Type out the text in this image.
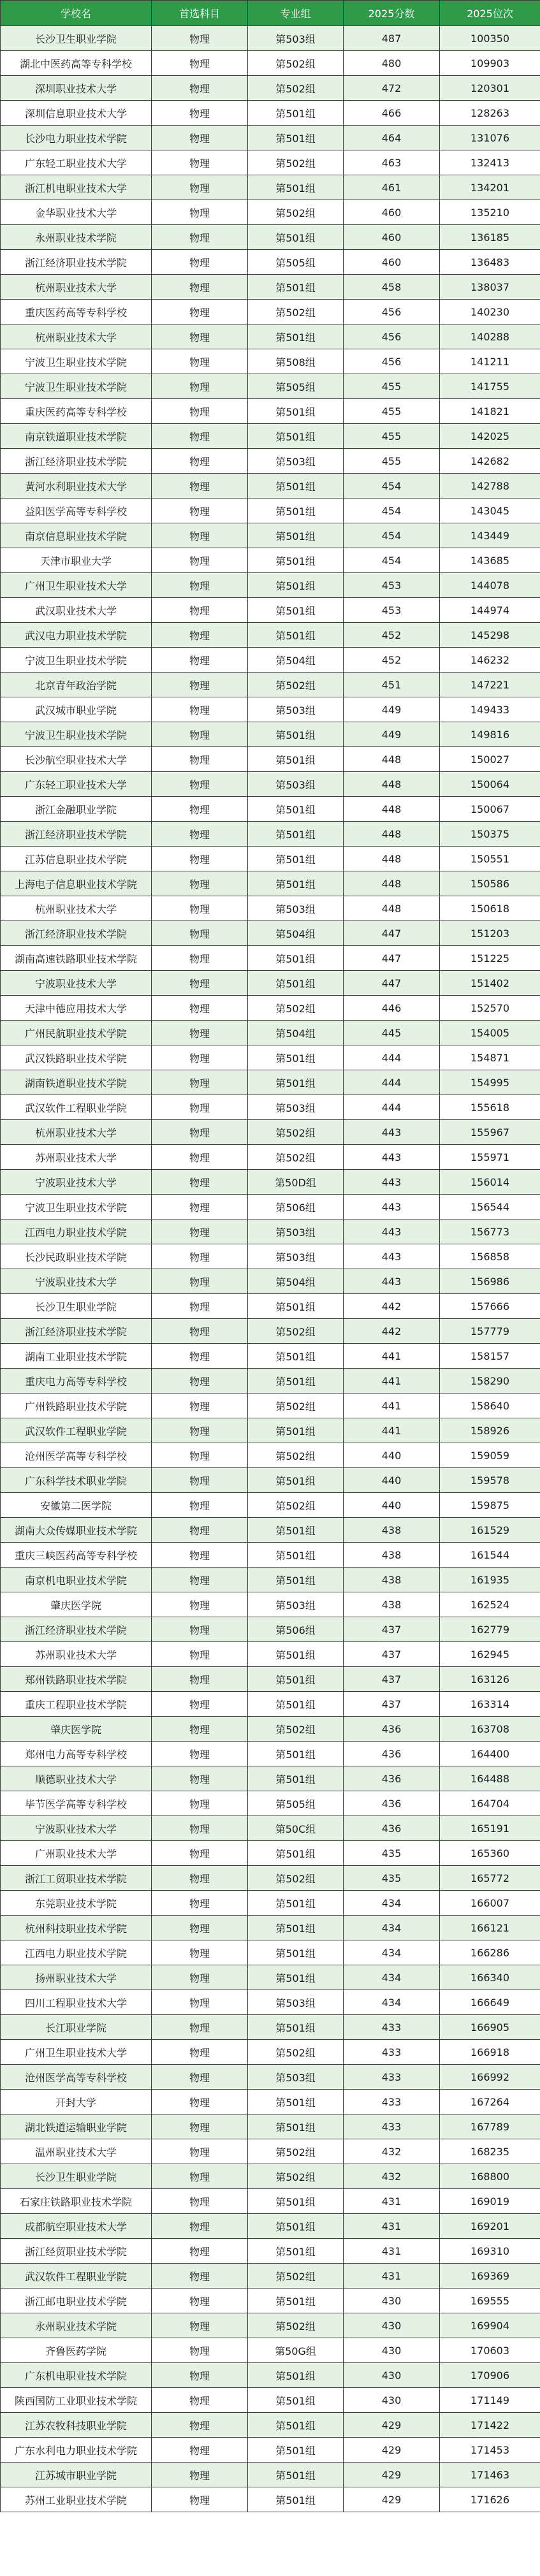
学校名	首选科目	专业组	2025分数	2025位次
长沙卫生职业学院	物理	第503组	487	100350
湖北中医药高等专科学校	物理	第502组	480	109903
深圳职业技术大学	物理	第502组	472	120301
深圳信息职业技术大学	物理	第501组	466	128263
长沙电力职业技术学院	物理	第501组	464	131076
广东轻工职业技术大学	物理	第502组	463	132413
浙江机电职业技术大学	物理	第501组	461	134201
金华职业技术大学	物理	第502组	460	135210
永州职业技术学院	物理	第501组	460	136185
浙江经济职业技术学院	物理	第505组	460	136483
杭州职业技术大学	物理	第501组	458	138037
重庆医药高等专科学校	物理	第502组	456	140230
杭州职业技术大学	物理	第501组	456	140288
宁波卫生职业技术学院	物理	第508组	456	141211
宁波卫生职业技术学院	物理	第505组	455	141755
重庆医药高等专科学校	物理	第501组	455	141821
南京铁道职业技术学院	物理	第501组	455	142025
浙江经济职业技术学院	物理	第503组	455	142682
黄河水利职业技术大学	物理	第501组	454	142788
益阳医学高等专科学校	物理	第501组	454	143045
南京信息职业技术学院	物理	第501组	454	143449
天津市职业大学	物理	第501组	454	143685
广州卫生职业技术大学	物理	第501组	453	144078
武汉职业技术大学	物理	第501组	453	144974
武汉电力职业技术学院	物理	第501组	452	145298
宁波卫生职业技术学院	物理	第504组	452	146232
北京青年政治学院	物理	第502组	451	147221
武汉城市职业学院	物理	第503组	449	149433
宁波卫生职业技术学院	物理	第501组	449	149816
长沙航空职业技术大学	物理	第501组	448	150027
广东轻工职业技术大学	物理	第503组	448	150064
浙江金融职业学院	物理	第501组	448	150067
浙江经济职业技术学院	物理	第501组	448	150375
江苏信息职业技术学院	物理	第501组	448	150551
上海电子信息职业技术学院	物理	第501组	448	150586
杭州职业技术大学	物理	第503组	448	150618
浙江经济职业技术学院	物理	第504组	447	151203
湖南高速铁路职业技术学院	物理	第501组	447	151225
宁波职业技术大学	物理	第501组	447	151402
天津中德应用技术大学	物理	第502组	446	152570
广州民航职业技术学院	物理	第504组	445	154005
武汉铁路职业技术学院	物理	第501组	444	154871
湖南铁道职业技术学院	物理	第501组	444	154995
武汉软件工程职业学院	物理	第503组	444	155618
杭州职业技术大学	物理	第502组	443	155967
苏州职业技术大学	物理	第502组	443	155971
宁波职业技术大学	物理	第50D组	443	156014
宁波卫生职业技术学院	物理	第506组	443	156544
江西电力职业技术学院	物理	第503组	443	156773
长沙民政职业技术学院	物理	第503组	443	156858
宁波职业技术大学	物理	第504组	443	156986
长沙卫生职业学院	物理	第501组	442	157666
浙江经济职业技术学院	物理	第502组	442	157779
湖南工业职业技术学院	物理	第501组	441	158157
重庆电力高等专科学校	物理	第501组	441	158290
广州铁路职业技术学院	物理	第502组	441	158640
武汉软件工程职业学院	物理	第501组	441	158926
沧州医学高等专科学校	物理	第502组	440	159059
广东科学技术职业学院	物理	第501组	440	159578
安徽第二医学院	物理	第502组	440	159875
湖南大众传媒职业技术学院	物理	第501组	438	161529
重庆三峡医药高等专科学校	物理	第501组	438	161544
南京机电职业技术学院	物理	第501组	438	161935
肇庆医学院	物理	第503组	438	162524
浙江经济职业技术学院	物理	第506组	437	162779
苏州职业技术大学	物理	第501组	437	162945
郑州铁路职业技术学院	物理	第501组	437	163126
重庆工程职业技术学院	物理	第501组	437	163314
肇庆医学院	物理	第502组	436	163708
郑州电力高等专科学校	物理	第501组	436	164400
顺德职业技术大学	物理	第501组	436	164488
毕节医学高等专科学校	物理	第505组	436	164704
宁波职业技术大学	物理	第50C组	436	165191
广州职业技术大学	物理	第501组	435	165360
浙江工贸职业技术学院	物理	第502组	435	165772
东莞职业技术学院	物理	第501组	434	166007
杭州科技职业技术学院	物理	第501组	434	166121
江西电力职业技术学院	物理	第501组	434	166286
扬州职业技术大学	物理	第501组	434	166340
四川工程职业技术大学	物理	第503组	434	166649
长江职业学院	物理	第501组	433	166905
广州卫生职业技术大学	物理	第502组	433	166918
沧州医学高等专科学校	物理	第503组	433	166992
开封大学	物理	第501组	433	167264
湖北铁道运输职业学院	物理	第501组	433	167789
温州职业技术大学	物理	第502组	432	168235
长沙卫生职业学院	物理	第502组	432	168800
石家庄铁路职业技术学院	物理	第501组	431	169019
成都航空职业技术大学	物理	第501组	431	169201
浙江经贸职业技术学院	物理	第501组	431	169310
武汉软件工程职业学院	物理	第502组	431	169369
浙江邮电职业技术学院	物理	第501组	430	169555
永州职业技术学院	物理	第502组	430	169904
齐鲁医药学院	物理	第50G组	430	170603
广东机电职业技术学院	物理	第501组	430	170906
陕西国防工业职业技术学院	物理	第501组	430	171149
江苏农牧科技职业学院	物理	第501组	429	171422
广东水利电力职业技术学院	物理	第501组	429	171453
江苏城市职业学院	物理	第501组	429	171463
苏州工业职业技术学院	物理	第501组	429	171626
